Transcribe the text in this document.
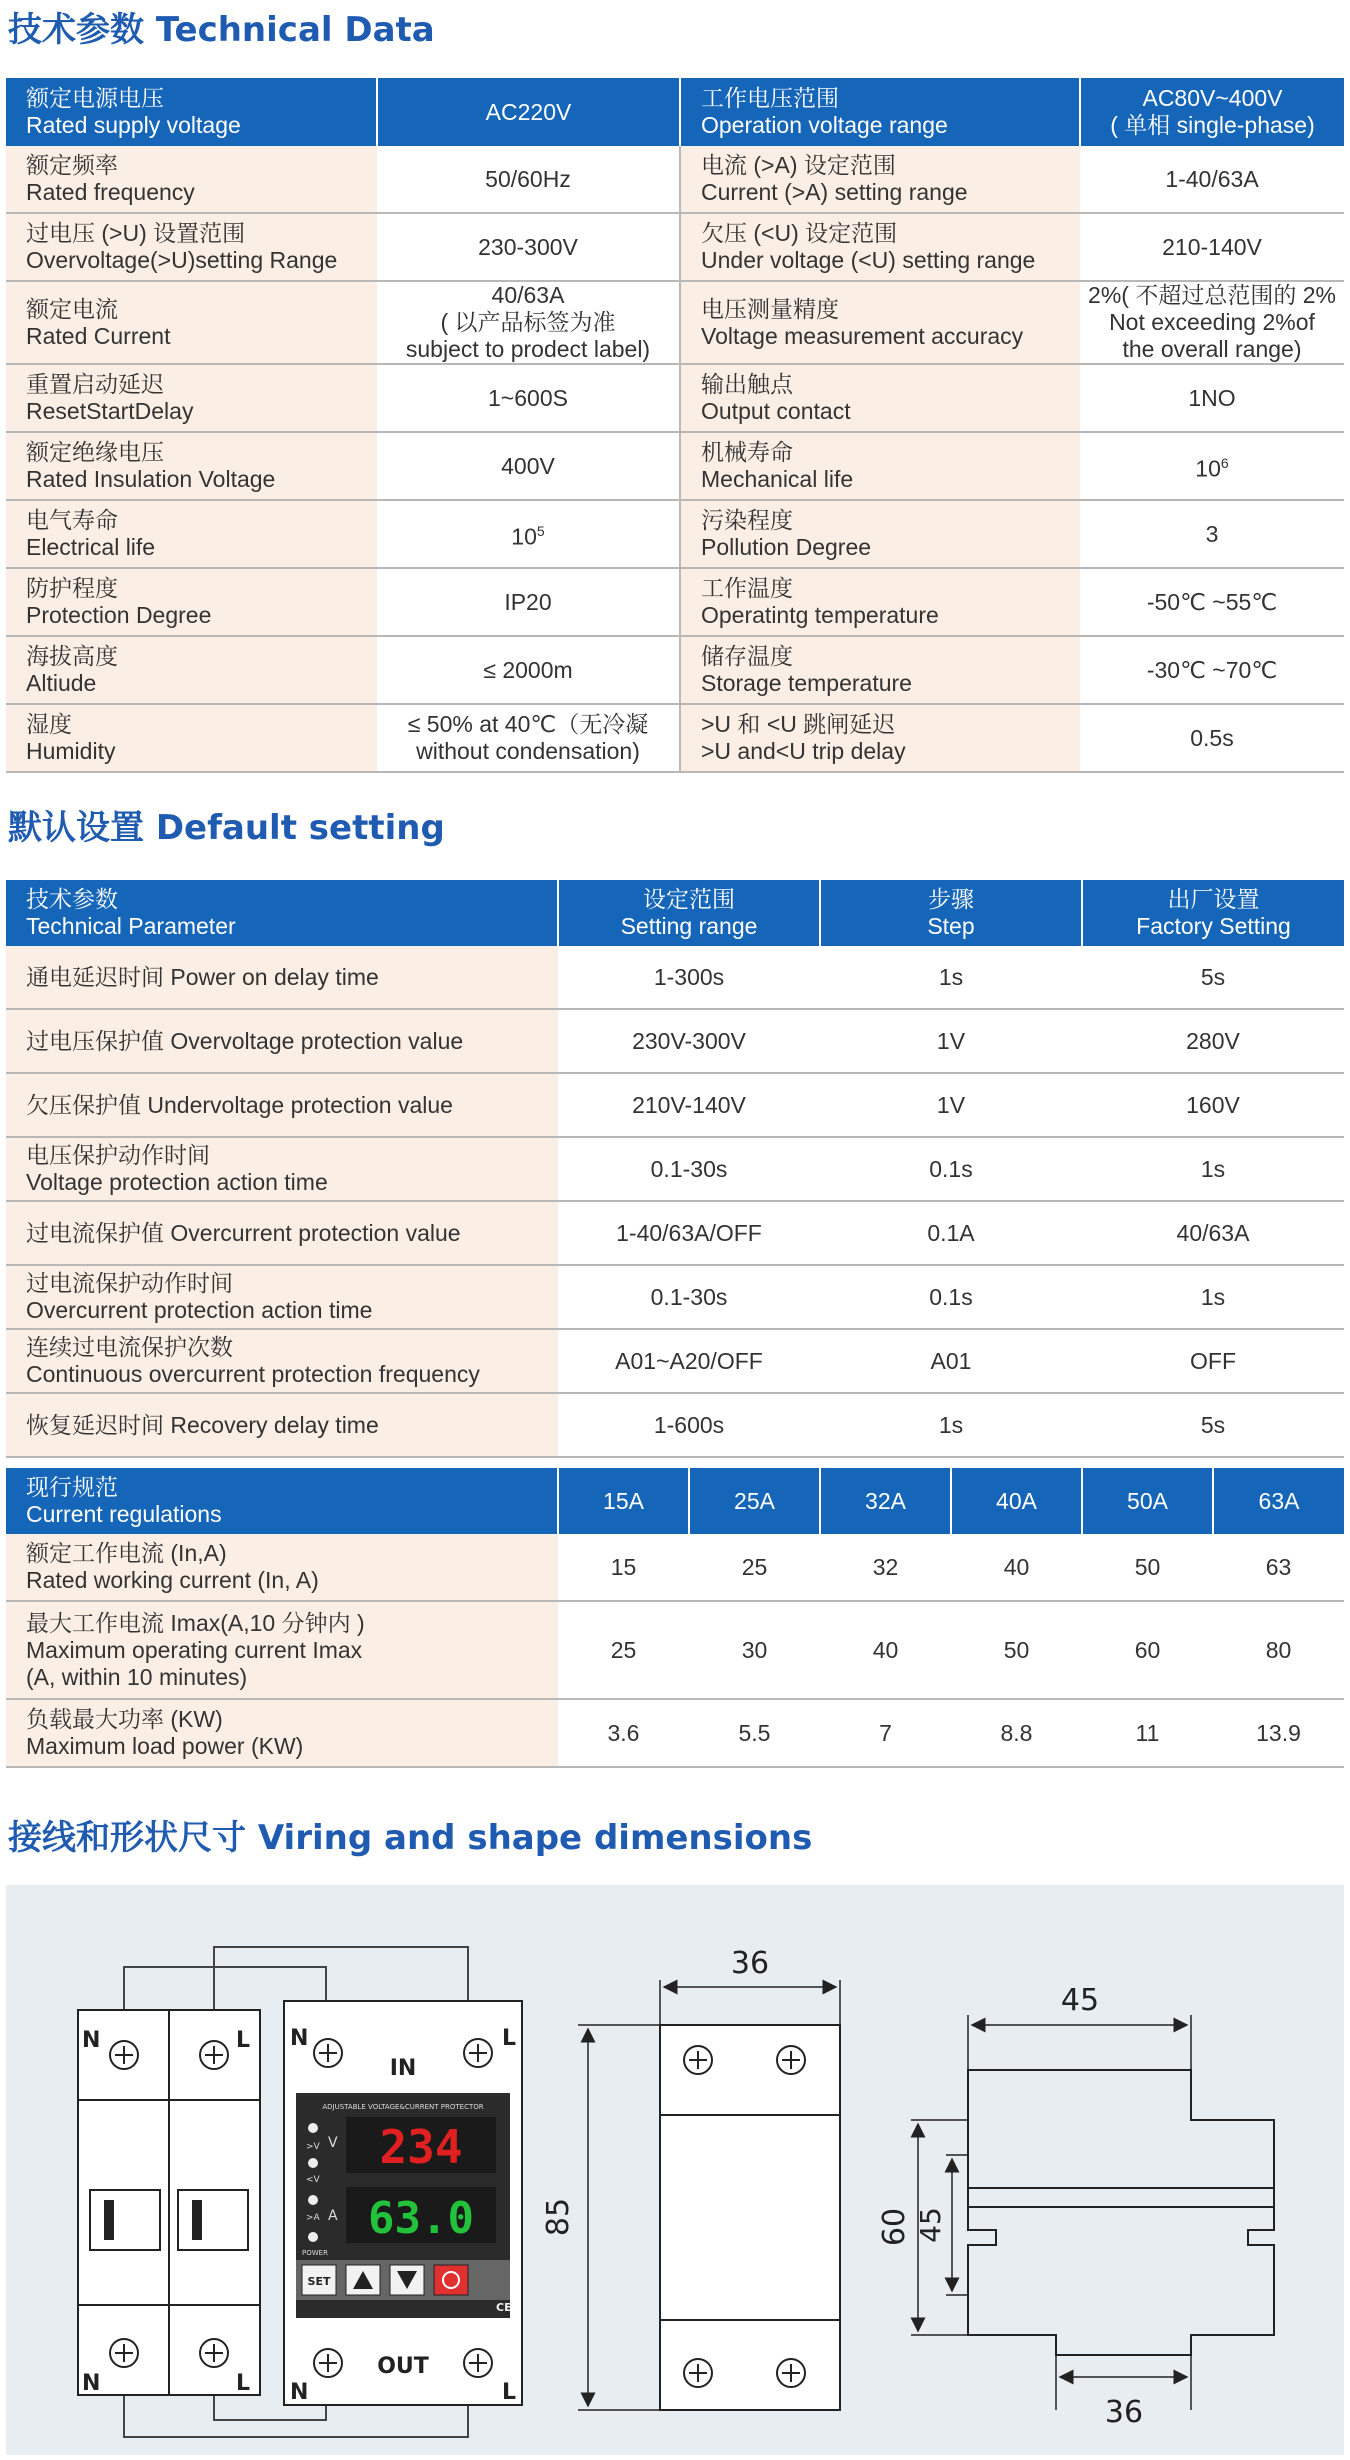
技术参数 Technical Data
额定电源电压
Rated supply voltage	AC220V	工作电压范围
Operation voltage range	AC80V~400V
( 单相 single-phase)

额定频率
Rated frequency	50/60Hz	电流 (>A) 设定范围
Current (>A) setting range	1-40/63A

过电压 (>U) 设置范围
Overvoltage(>U)setting Range	230-300V	欠压 (<U) 设定范围
Under voltage (<U) setting range	210-140V

额定电流
Rated Current	40/63A
( 以产品标签为准
subject to prodect label)	电压测量精度
Voltage measurement accuracy	2%( 不超过总范围的 2%
Not exceeding 2%of
the overall range)

重置启动延迟
ResetStartDelay	1~600S	输出触点
Output contact	1NO

额定绝缘电压
Rated Insulation Voltage	400V	机械寿命
Mechanical life	$10^6$

电气寿命
Electrical life	$10^5$	污染程度
Pollution Degree	3

防护程度
Protection Degree	IP20	工作温度
Operatintg temperature	-50℃ ~55℃

海拔高度
Altiude	≤ 2000m	储存温度
Storage temperature	-30℃ ~70℃

湿度
Humidity	≤ 50% at 40℃（无冷凝
without condensation)	>U 和 <U 跳闸延迟
>U and<U trip delay	0.5s
默认设置 Default setting
技术参数
Technical Parameter	设定范围
Setting range	步骤
Step	出厂设置
Factory Setting

通电延迟时间 Power on delay time	1-300s	1s	5s

过电压保护值 Overvoltage protection value	230V-300V	1V	280V

欠压保护值 Undervoltage protection value	210V-140V	1V	160V

电压保护动作时间
Voltage protection action time	0.1-30s	0.1s	1s

过电流保护值 Overcurrent protection value	1-40/63A/OFF	0.1A	40/63A

过电流保护动作时间
Overcurrent protection action time	0.1-30s	0.1s	1s

连续过电流保护次数
Continuous overcurrent protection frequency	A01~A20/OFF	A01	OFF

恢复延迟时间 Recovery delay time	1-600s	1s	5s
现行规范
Current regulations	15A	25A	32A	40A	50A	63A

额定工作电流 (In,A)
Rated working current (In, A)	15	25	32	40	50	63

最大工作电流 Imax(A,10 分钟内 )
Maximum operating current Imax
(A, within 10 minutes)	25	30	40	50	60	80

负载最大功率 (KW)
Maximum load power (KW)	3.6	5.5	7	8.8	11	13.9
接线和形状尺寸 Viring and shape dimensions
N	L
N	L
ADJUSTABLE VOLTAGE&CURRENT PROTECTOR
>V
<V
>A
POWER
V
A
234
63.0
SET
CE
N	L
IN
N	L
OUT
36
85
45
60 45
36
